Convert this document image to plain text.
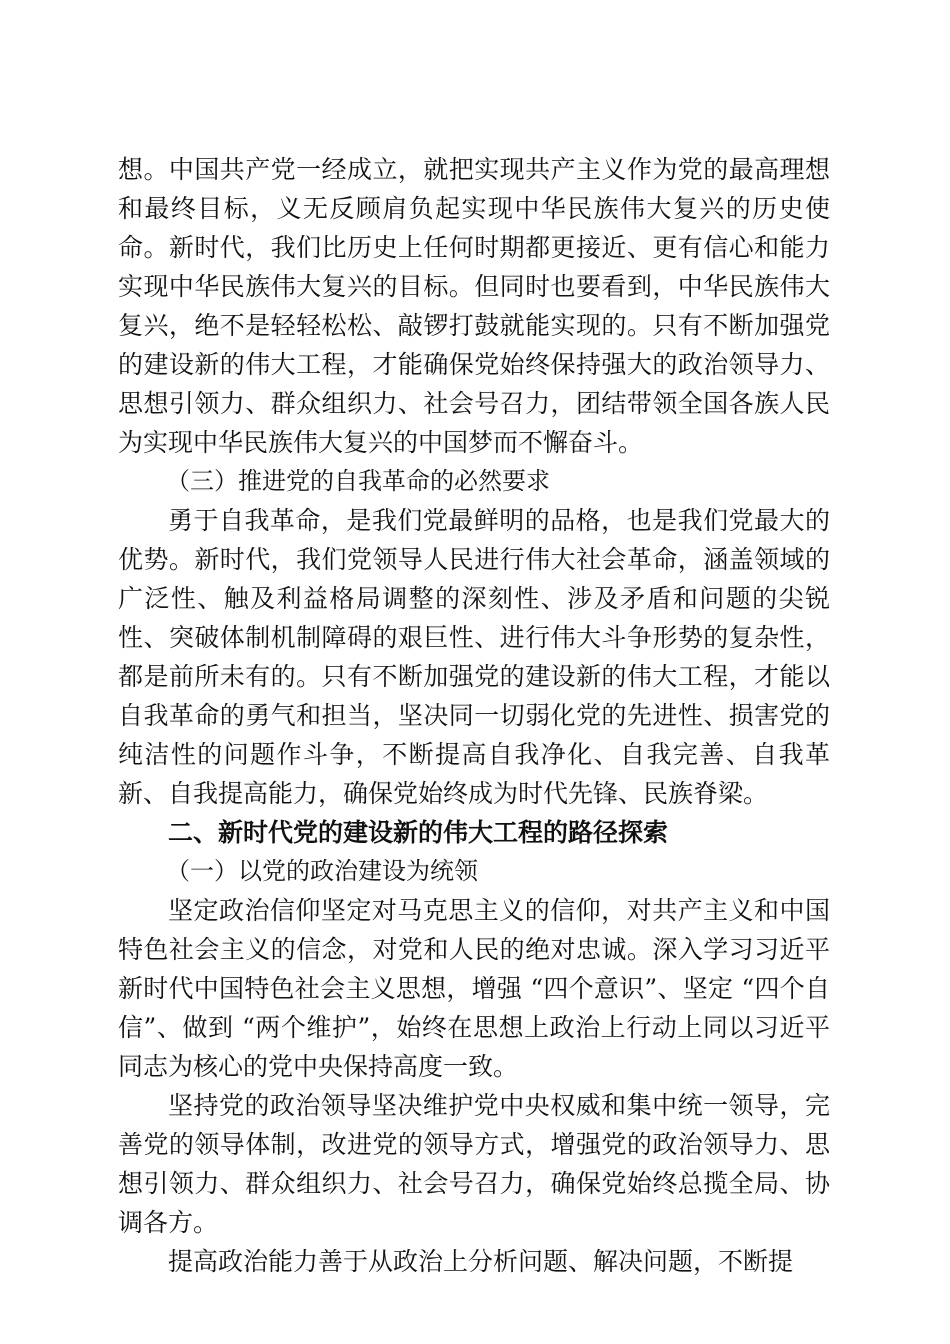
想。中国共产党一经成立，就把实现共产主义作为党的最高理想和最终目标，义无反顾肩负起实现中华民族伟大复兴的历史使命。新时代，我们比历史上任何时期都更接近、更有信心和能力实现中华民族伟大复兴的目标。但同时也要看到，中华民族伟大复兴，绝不是轻轻松松、敲锣打鼓就能实现的。只有不断加强党的建设新的伟大工程，才能确保党始终保持强大的政治领导力、思想引领力、群众组织力、社会号召力，团结带领全国各族人民为实现中华民族伟大复兴的中国梦而不懈奋斗。

（三）推进党的自我革命的必然要求

勇于自我革命，是我们党最鲜明的品格，也是我们党最大的优势。新时代，我们党领导人民进行伟大社会革命，涵盖领域的广泛性、触及利益格局调整的深刻性、涉及矛盾和问题的尖锐性、突破体制机制障碍的艰巨性、进行伟大斗争形势的复杂性，都是前所未有的。只有不断加强党的建设新的伟大工程，才能以自我革命的勇气和担当，坚决同一切弱化党的先进性、损害党的纯洁性的问题作斗争，不断提高自我净化、自我完善、自我革新、自我提高能力，确保党始终成为时代先锋、民族脊梁。

二、新时代党的建设新的伟大工程的路径探索

（一）以党的政治建设为统领

坚定政治信仰坚定对马克思主义的信仰，对共产主义和中国特色社会主义的信念，对党和人民的绝对忠诚。深入学习习近平新时代中国特色社会主义思想，增强 “四个意识”、坚定 “四个自信”、做到 “两个维护”，始终在思想上政治上行动上同以习近平同志为核心的党中央保持高度一致。

坚持党的政治领导坚决维护党中央权威和集中统一领导，完善党的领导体制，改进党的领导方式，增强党的政治领导力、思想引领力、群众组织力、社会号召力，确保党始终总揽全局、协调各方。

提高政治能力善于从政治上分析问题、解决问题，不断提
